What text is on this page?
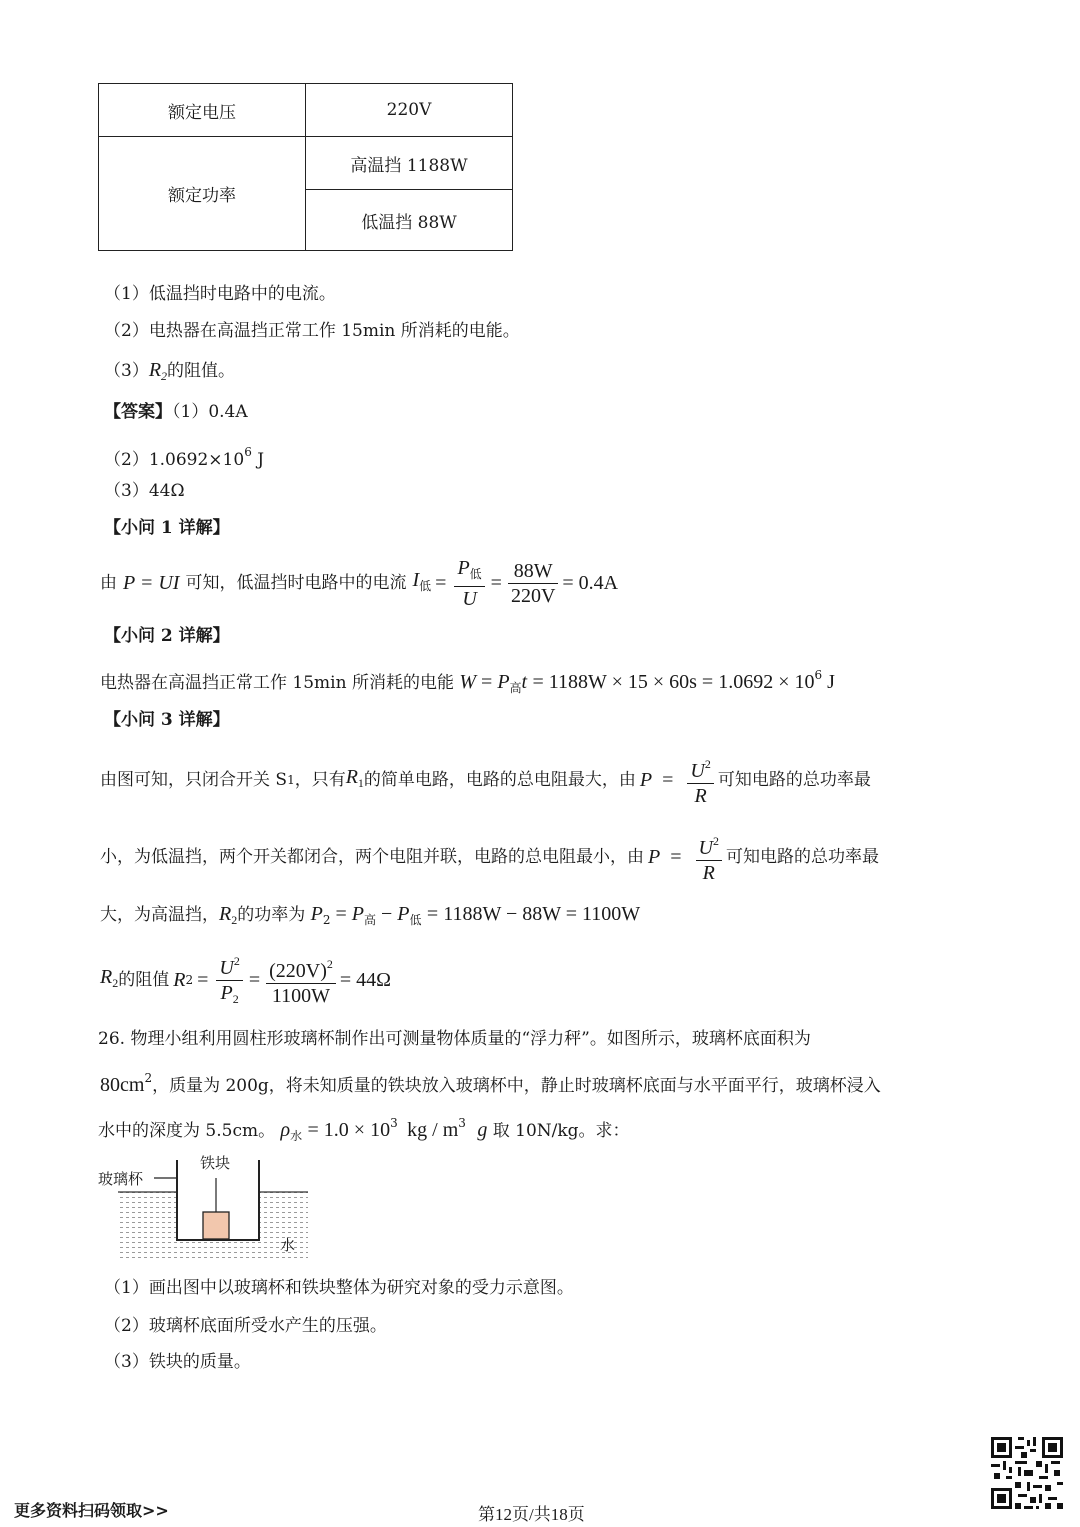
额定电压	220V
额定功率	高温挡 1188W
	低温挡 88W
（1）低温挡时电路中的电流。
（2）电热器在高温挡正常工作 15min 所消耗的电能。
$(3)R_2$的阻值。
【答案】（1）0.4A
$(2)1.0692\times 10^6$ J
（3）44Ω
【小问 1 详解】
由 P = UI 可知，低温挡时电路中的电流 $I_低 = \frac{P_低}{U} = \frac{88W}{220V} = 0.4A$
【小问 2 详解】
电热器在高温挡正常工作 15min 所消耗的电能 $W = P_高t = 1188W \times 15 \times 60s = 1.0692 \times 10^6$ J
【小问 3 详解】
由图可知，只闭合开关 S 1 ，只有 $R_1$ 的简单电路，电路的总电阻最大，由 $P = \frac{U^2}{R}$ 可知电路的总功率最
小，为低温挡，两个开关都闭合，两个电阻并联，电路的总电阻最小，由 $P = \frac{U^2}{R}$ 可知电路的总功率最
大，为高温挡，$R_2$的功率为 $P_2 = P_高 - P_低 = 1188W - 88W = 1100W$
$R_2$ 的阻值 R $2 = \frac{U^2}{P_2} = \frac{(220V)^2}{1100W} = 44\Omega$
26. 物理小组利用圆柱形玻璃杯制作出可测量物体质量的“浮力秤”。如图所示，玻璃杯底面积为
$80cm^2$，质量为 200g，将未知质量的铁块放入玻璃杯中，静止时玻璃杯底面与水平面平行，玻璃杯浸入
水中的深度为 5.5cm。 $\rho_水 = 1.0 \times 10^3$ kg / $m^3$ g 取 10N/kg。求：
玻璃杯
铁块
水
（1）画出图中以玻璃杯和铁块整体为研究对象的受力示意图。
（2）玻璃杯底面所受水产生的压强。
（3）铁块的质量。
更多资料扫码领取>>	第12页/共18页
